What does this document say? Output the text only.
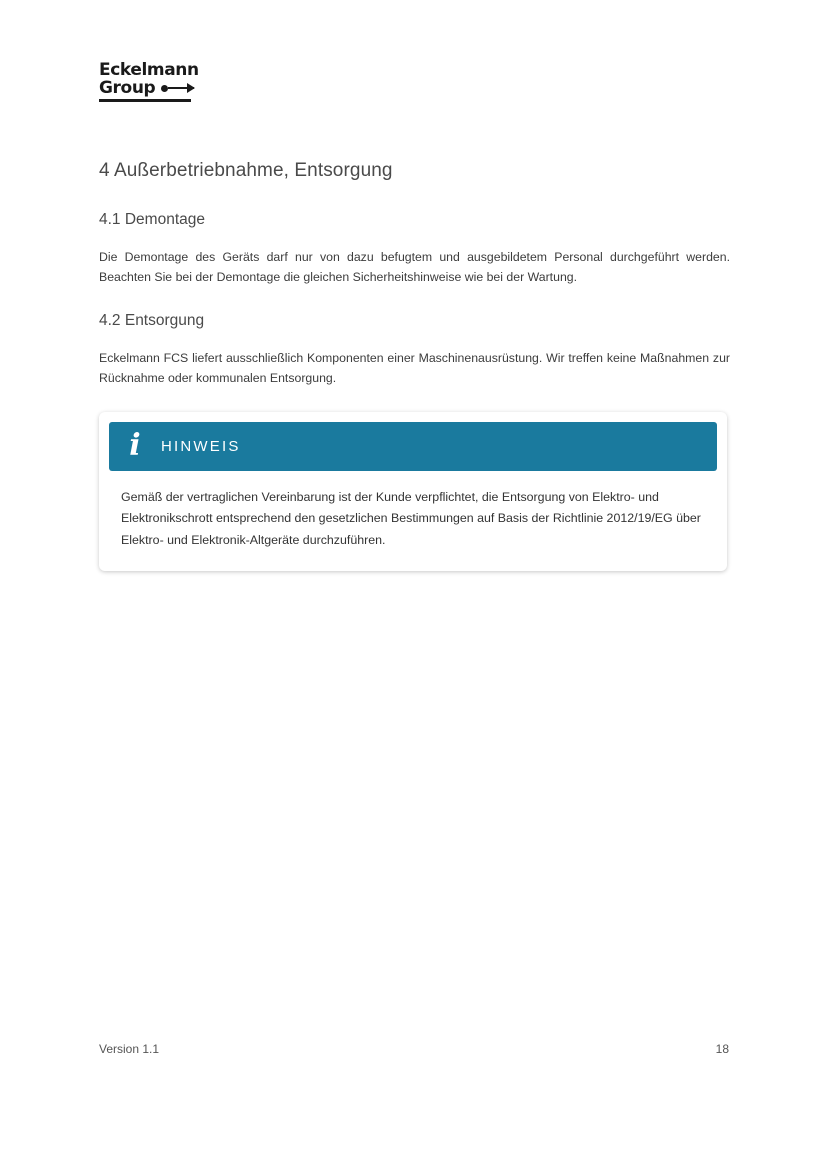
Eckelmann
Group
4 Außerbetriebnahme, Entsorgung
4.1 Demontage

Die Demontage des Geräts darf nur von dazu befugtem und ausgebildetem Personal durchgeführt werden. Beachten Sie bei der Demontage die gleichen Sicherheitshinweise wie bei der Wartung.

4.2 Entsorgung

Eckelmann FCS liefert ausschließlich Komponenten einer Maschinenausrüstung. Wir treffen keine Maßnahmen zur Rücknahme oder kommunalen Entsorgung.

i	HINWEIS
Gemäß der vertraglichen Vereinbarung ist der Kunde verpflichtet, die Entsorgung von Elektro- und Elektronikschrott entsprechend den gesetzlichen Bestimmungen auf Basis der Richtlinie 2012/19/EG über Elektro- und Elektronik-Altgeräte durchzuführen.
Version 1.1	18
